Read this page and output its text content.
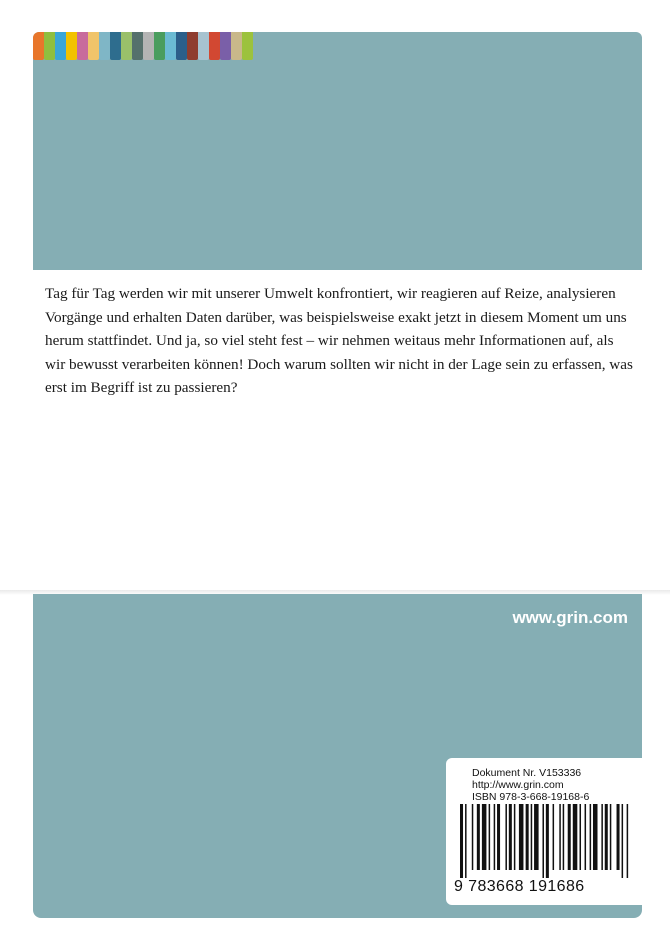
Tag für Tag werden wir mit unserer Umwelt konfrontiert, wir reagieren auf Reize, analysieren Vorgänge und erhalten Daten darüber, was beispielsweise exakt jetzt in diesem Moment um uns herum stattfindet. Und ja, so viel steht fest – wir nehmen weitaus mehr Informationen auf, als wir bewusst verarbeiten können! Doch warum sollten wir nicht in der Lage sein zu erfassen, was erst im Begriff ist zu passieren?

www.grin.com
Dokument Nr. V153336
http://www.grin.com
ISBN 978-3-668-19168-6
9 783668 191686
